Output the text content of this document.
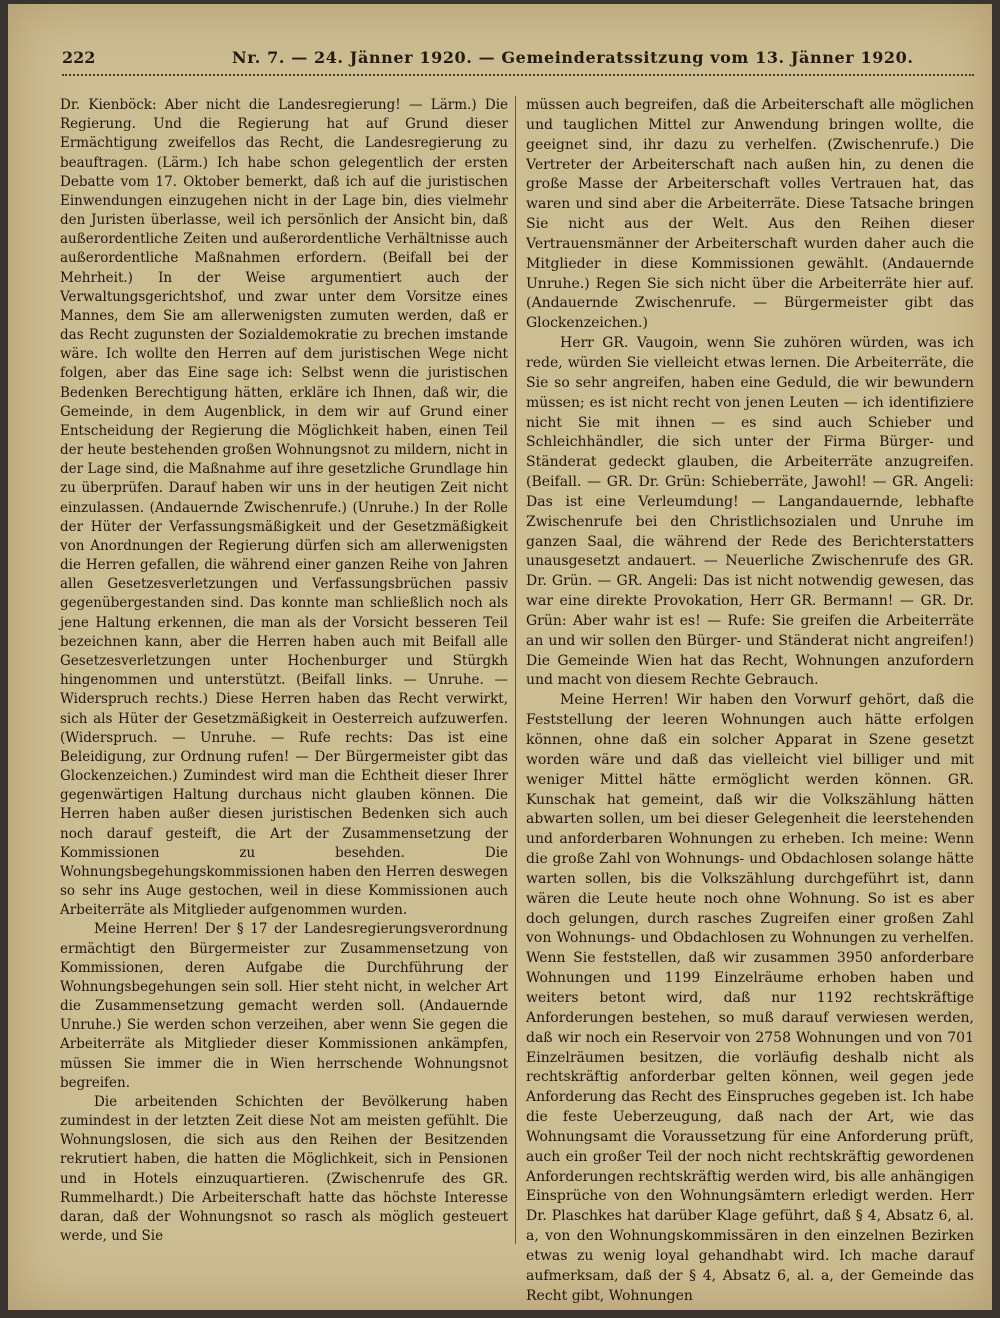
222	Nr. 7. — 24. Jänner 1920. — Gemeinderatssitzung vom 13. Jänner 1920.

Dr. Kienböck: Aber nicht die Landesregierung! — Lärm.) Die Regierung. Und die Regierung hat auf Grund dieser Ermächtigung zweifellos das Recht, die Landesregierung zu beauftragen. (Lärm.) Ich habe schon gelegentlich der ersten Debatte vom 17. Oktober bemerkt, daß ich auf die juristischen Einwendungen einzugehen nicht in der Lage bin, dies vielmehr den Juristen überlasse, weil ich persönlich der Ansicht bin, daß außerordentliche Zeiten und außerordentliche Verhältnisse auch außerordentliche Maßnahmen erfordern. (Beifall bei der Mehrheit.) In der Weise argumentiert auch der Verwaltungsgerichtshof, und zwar unter dem Vorsitze eines Mannes, dem Sie am allerwenigsten zumuten werden, daß er das Recht zugunsten der Sozialdemokratie zu brechen imstande wäre. Ich wollte den Herren auf dem juristischen Wege nicht folgen, aber das Eine sage ich: Selbst wenn die juristischen Bedenken Berechtigung hätten, erkläre ich Ihnen, daß wir, die Gemeinde, in dem Augenblick, in dem wir auf Grund einer Entscheidung der Regierung die Möglichkeit haben, einen Teil der heute bestehenden großen Wohnungsnot zu mildern, nicht in der Lage sind, die Maßnahme auf ihre gesetzliche Grundlage hin zu überprüfen. Darauf haben wir uns in der heutigen Zeit nicht einzulassen. (Andauernde Zwischenrufe.) (Unruhe.) In der Rolle der Hüter der Verfassungsmäßigkeit und der Gesetzmäßigkeit von Anordnungen der Regierung dürfen sich am allerwenigsten die Herren gefallen, die während einer ganzen Reihe von Jahren allen Gesetzesverletzungen und Verfassungsbrüchen passiv gegenübergestanden sind. Das konnte man schließlich noch als jene Haltung erkennen, die man als der Vorsicht besseren Teil bezeichnen kann, aber die Herren haben auch mit Beifall alle Gesetzesverletzungen unter Hochenburger und Stürgkh hingenommen und unterstützt. (Beifall links. — Unruhe. — Widerspruch rechts.) Diese Herren haben das Recht verwirkt, sich als Hüter der Gesetzmäßigkeit in Oesterreich aufzuwerfen. (Widerspruch. — Unruhe. — Rufe rechts: Das ist eine Beleidigung, zur Ordnung rufen! — Der Bürgermeister gibt das Glockenzeichen.) Zumindest wird man die Echtheit dieser Ihrer gegenwärtigen Haltung durchaus nicht glauben können. Die Herren haben außer diesen juristischen Bedenken sich auch noch darauf gesteift, die Art der Zusammensetzung der Kommissionen zu besehden. Die Wohnungsbegehungskommissionen haben den Herren deswegen so sehr ins Auge gestochen, weil in diese Kommissionen auch Arbeiterräte als Mitglieder aufgenommen wurden.

Meine Herren! Der § 17 der Landesregierungsverordnung ermächtigt den Bürgermeister zur Zusammensetzung von Kommissionen, deren Aufgabe die Durchführung der Wohnungsbegehungen sein soll. Hier steht nicht, in welcher Art die Zusammensetzung gemacht werden soll. (Andauernde Unruhe.) Sie werden schon verzeihen, aber wenn Sie gegen die Arbeiterräte als Mitglieder dieser Kommissionen ankämpfen, müssen Sie immer die in Wien herrschende Wohnungsnot begreifen.

Die arbeitenden Schichten der Bevölkerung haben zumindest in der letzten Zeit diese Not am meisten gefühlt. Die Wohnungslosen, die sich aus den Reihen der Besitzenden rekrutiert haben, die hatten die Möglichkeit, sich in Pensionen und in Hotels einzuquartieren. (Zwischenrufe des GR. Rummelhardt.) Die Arbeiterschaft hatte das höchste Interesse daran, daß der Wohnungsnot so rasch als möglich gesteuert werde, und Sie

müssen auch begreifen, daß die Arbeiterschaft alle möglichen und tauglichen Mittel zur Anwendung bringen wollte, die geeignet sind, ihr dazu zu verhelfen. (Zwischenrufe.) Die Vertreter der Arbeiterschaft nach außen hin, zu denen die große Masse der Arbeiterschaft volles Vertrauen hat, das waren und sind aber die Arbeiterräte. Diese Tatsache bringen Sie nicht aus der Welt. Aus den Reihen dieser Vertrauensmänner der Arbeiterschaft wurden daher auch die Mitglieder in diese Kommissionen gewählt. (Andauernde Unruhe.) Regen Sie sich nicht über die Arbeiterräte hier auf. (Andauernde Zwischenrufe. — Bürgermeister gibt das Glockenzeichen.)

Herr GR. Vaugoin, wenn Sie zuhören würden, was ich rede, würden Sie vielleicht etwas lernen. Die Arbeiterräte, die Sie so sehr angreifen, haben eine Geduld, die wir bewundern müssen; es ist nicht recht von jenen Leuten — ich identifiziere nicht Sie mit ihnen — es sind auch Schieber und Schleichhändler, die sich unter der Firma Bürger- und Ständerat gedeckt glauben, die Arbeiterräte anzugreifen. (Beifall. — GR. Dr. Grün: Schieberräte, Jawohl! — GR. Angeli: Das ist eine Verleumdung! — Langandauernde, lebhafte Zwischenrufe bei den Christlichsozialen und Unruhe im ganzen Saal, die während der Rede des Berichterstatters unausgesetzt andauert. — Neuerliche Zwischenrufe des GR. Dr. Grün. — GR. Angeli: Das ist nicht notwendig gewesen, das war eine direkte Provokation, Herr GR. Bermann! — GR. Dr. Grün: Aber wahr ist es! — Rufe: Sie greifen die Arbeiterräte an und wir sollen den Bürger- und Ständerat nicht angreifen!) Die Gemeinde Wien hat das Recht, Wohnungen anzufordern und macht von diesem Rechte Gebrauch.

Meine Herren! Wir haben den Vorwurf gehört, daß die Feststellung der leeren Wohnungen auch hätte erfolgen können, ohne daß ein solcher Apparat in Szene gesetzt worden wäre und daß das vielleicht viel billiger und mit weniger Mittel hätte ermöglicht werden können. GR. Kunschak hat gemeint, daß wir die Volkszählung hätten abwarten sollen, um bei dieser Gelegenheit die leerstehenden und anforderbaren Wohnungen zu erheben. Ich meine: Wenn die große Zahl von Wohnungs- und Obdachlosen solange hätte warten sollen, bis die Volkszählung durchgeführt ist, dann wären die Leute heute noch ohne Wohnung. So ist es aber doch gelungen, durch rasches Zugreifen einer großen Zahl von Wohnungs- und Obdachlosen zu Wohnungen zu verhelfen. Wenn Sie feststellen, daß wir zusammen 3950 anforderbare Wohnungen und 1199 Einzelräume erhoben haben und weiters betont wird, daß nur 1192 rechtskräftige Anforderungen bestehen, so muß darauf verwiesen werden, daß wir noch ein Reservoir von 2758 Wohnungen und von 701 Einzelräumen besitzen, die vorläufig deshalb nicht als rechtskräftig anforderbar gelten können, weil gegen jede Anforderung das Recht des Einspruches gegeben ist. Ich habe die feste Ueberzeugung, daß nach der Art, wie das Wohnungsamt die Voraussetzung für eine Anforderung prüft, auch ein großer Teil der noch nicht rechtskräftig gewordenen Anforderungen rechtskräftig werden wird, bis alle anhängigen Einsprüche von den Wohnungsämtern erledigt werden. Herr Dr. Plaschkes hat darüber Klage geführt, daß § 4, Absatz 6, al. a, von den Wohnungskommissären in den einzelnen Bezirken etwas zu wenig loyal gehandhabt wird. Ich mache darauf aufmerksam, daß der § 4, Absatz 6, al. a, der Gemeinde das Recht gibt, Wohnungen
